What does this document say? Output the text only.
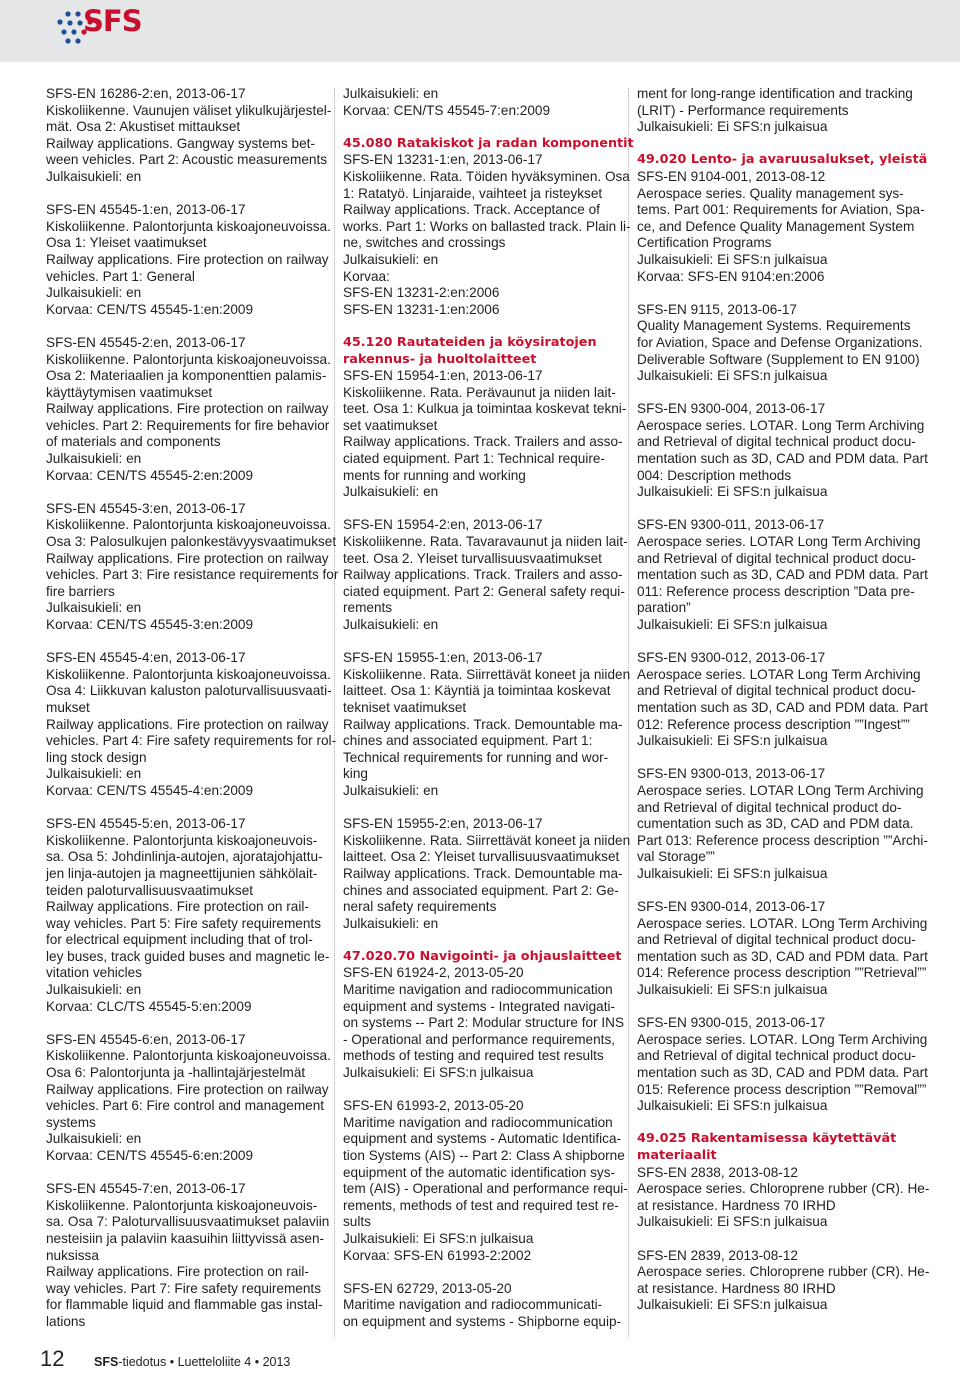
SFS
SFS-EN 16286-2:en, 2013-06-17
Kiskoliikenne. Vaunujen väliset ylikulkujärjestel-
mät. Osa 2: Akustiset mittaukset
Railway applications. Gangway systems bet-
ween vehicles. Part 2: Acoustic measurements
Julkaisukieli: en
SFS-EN 45545-1:en, 2013-06-17
Kiskoliikenne. Palontorjunta kiskoajoneuvoissa.
Osa 1: Yleiset vaatimukset
Railway applications. Fire protection on railway
vehicles. Part 1: General
Julkaisukieli: en
Korvaa: CEN/TS 45545-1:en:2009
SFS-EN 45545-2:en, 2013-06-17
Kiskoliikenne. Palontorjunta kiskoajoneuvoissa.
Osa 2: Materiaalien ja komponenttien palamis-
käyttäytymisen vaatimukset
Railway applications. Fire protection on railway
vehicles. Part 2: Requirements for fire behavior
of materials and components
Julkaisukieli: en
Korvaa: CEN/TS 45545-2:en:2009
SFS-EN 45545-3:en, 2013-06-17
Kiskoliikenne. Palontorjunta kiskoajoneuvoissa.
Osa 3: Palosulkujen palonkestävyysvaatimukset
Railway applications. Fire protection on railway
vehicles. Part 3: Fire resistance requirements for
fire barriers
Julkaisukieli: en
Korvaa: CEN/TS 45545-3:en:2009
SFS-EN 45545-4:en, 2013-06-17
Kiskoliikenne. Palontorjunta kiskoajoneuvoissa.
Osa 4: Liikkuvan kaluston paloturvallisuusvaati-
mukset
Railway applications. Fire protection on railway
vehicles. Part 4: Fire safety requirements for rol-
ling stock design
Julkaisukieli: en
Korvaa: CEN/TS 45545-4:en:2009
SFS-EN 45545-5:en, 2013-06-17
Kiskoliikenne. Palontorjunta kiskoajoneuvois-
sa. Osa 5: Johdinlinja-autojen, ajoratajohjattu-
jen linja-autojen ja magneettijunien sähkölait-
teiden paloturvallisuusvaatimukset
Railway applications. Fire protection on rail-
way vehicles. Part 5: Fire safety requirements
for electrical equipment including that of trol-
ley buses, track guided buses and magnetic le-
vitation vehicles
Julkaisukieli: en
Korvaa: CLC/TS 45545-5:en:2009
SFS-EN 45545-6:en, 2013-06-17
Kiskoliikenne. Palontorjunta kiskoajoneuvoissa.
Osa 6: Palontorjunta ja -hallintajärjestelmät
Railway applications. Fire protection on railway
vehicles. Part 6: Fire control and management
systems
Julkaisukieli: en
Korvaa: CEN/TS 45545-6:en:2009
SFS-EN 45545-7:en, 2013-06-17
Kiskoliikenne. Palontorjunta kiskoajoneuvois-
sa. Osa 7: Paloturvallisuusvaatimukset palaviin
nesteisiin ja palaviin kaasuihin liittyvissä asen-
nuksissa
Railway applications. Fire protection on rail-
way vehicles. Part 7: Fire safety requirements
for flammable liquid and flammable gas instal-
lations
Julkaisukieli: en
Korvaa: CEN/TS 45545-7:en:2009
45.080 Ratakiskot ja radan komponentit
SFS-EN 13231-1:en, 2013-06-17
Kiskoliikenne. Rata. Töiden hyväksyminen. Osa
1: Ratatyö. Linjaraide, vaihteet ja risteykset
Railway applications. Track. Acceptance of
works. Part 1: Works on ballasted track. Plain li-
ne, switches and crossings
Julkaisukieli: en
Korvaa:
SFS-EN 13231-2:en:2006
SFS-EN 13231-1:en:2006
45.120 Rautateiden ja köysiratojen
rakennus- ja huoltolaitteet
SFS-EN 15954-1:en, 2013-06-17
Kiskoliikenne. Rata. Perävaunut ja niiden lait-
teet. Osa 1: Kulkua ja toimintaa koskevat tekni-
set vaatimukset
Railway applications. Track. Trailers and asso-
ciated equipment. Part 1: Technical require-
ments for running and working
Julkaisukieli: en
SFS-EN 15954-2:en, 2013-06-17
Kiskoliikenne. Rata. Tavaravaunut ja niiden lait-
teet. Osa 2. Yleiset turvallisuusvaatimukset
Railway applications. Track. Trailers and asso-
ciated equipment. Part 2: General safety requi-
rements
Julkaisukieli: en
SFS-EN 15955-1:en, 2013-06-17
Kiskoliikenne. Rata. Siirrettävät koneet ja niiden
laitteet. Osa 1: Käyntiä ja toimintaa koskevat
tekniset vaatimukset
Railway applications. Track. Demountable ma-
chines and associated equipment. Part 1:
Technical requirements for running and wor-
king
Julkaisukieli: en
SFS-EN 15955-2:en, 2013-06-17
Kiskoliikenne. Rata. Siirrettävät koneet ja niiden
laitteet. Osa 2: Yleiset turvallisuusvaatimukset
Railway applications. Track. Demountable ma-
chines and associated equipment. Part 2: Ge-
neral safety requirements
Julkaisukieli: en
47.020.70 Navigointi- ja ohjauslaitteet
SFS-EN 61924-2, 2013-05-20
Maritime navigation and radiocommunication
equipment and systems - Integrated navigati-
on systems -- Part 2: Modular structure for INS
- Operational and performance requirements,
methods of testing and required test results
Julkaisukieli: Ei SFS:n julkaisua
SFS-EN 61993-2, 2013-05-20
Maritime navigation and radiocommunication
equipment and systems - Automatic Identifica-
tion Systems (AIS) -- Part 2: Class A shipborne
equipment of the automatic identification sys-
tem (AIS) - Operational and performance requi-
rements, methods of test and required test re-
sults
Julkaisukieli: Ei SFS:n julkaisua
Korvaa: SFS-EN 61993-2:2002
SFS-EN 62729, 2013-05-20
Maritime navigation and radiocommunicati-
on equipment and systems - Shipborne equip-
ment for long-range identification and tracking
(LRIT) - Performance requirements
Julkaisukieli: Ei SFS:n julkaisua
49.020 Lento- ja avaruusalukset, yleistä
SFS-EN 9104-001, 2013-08-12
Aerospace series. Quality management sys-
tems. Part 001: Requirements for Aviation, Spa-
ce, and Defence Quality Management System
Certification Programs
Julkaisukieli: Ei SFS:n julkaisua
Korvaa: SFS-EN 9104:en:2006
SFS-EN 9115, 2013-06-17
Quality Management Systems. Requirements
for Aviation, Space and Defense Organizations.
Deliverable Software (Supplement to EN 9100)
Julkaisukieli: Ei SFS:n julkaisua
SFS-EN 9300-004, 2013-06-17
Aerospace series. LOTAR. Long Term Archiving
and Retrieval of digital technical product docu-
mentation such as 3D, CAD and PDM data. Part
004: Description methods
Julkaisukieli: Ei SFS:n julkaisua
SFS-EN 9300-011, 2013-06-17
Aerospace series. LOTAR Long Term Archiving
and Retrieval of digital technical product docu-
mentation such as 3D, CAD and PDM data. Part
011: Reference process description ”Data pre-
paration”
Julkaisukieli: Ei SFS:n julkaisua
SFS-EN 9300-012, 2013-06-17
Aerospace series. LOTAR Long Term Archiving
and Retrieval of digital technical product docu-
mentation such as 3D, CAD and PDM data. Part
012: Reference process description ””Ingest””
Julkaisukieli: Ei SFS:n julkaisua
SFS-EN 9300-013, 2013-06-17
Aerospace series. LOTAR LOng Term Archiving
and Retrieval of digital technical product do-
cumentation such as 3D, CAD and PDM data.
Part 013: Reference process description ””Archi-
val Storage””
Julkaisukieli: Ei SFS:n julkaisua
SFS-EN 9300-014, 2013-06-17
Aerospace series. LOTAR. LOng Term Archiving
and Retrieval of digital technical product docu-
mentation such as 3D, CAD and PDM data. Part
014: Reference process description ””Retrieval””
Julkaisukieli: Ei SFS:n julkaisua
SFS-EN 9300-015, 2013-06-17
Aerospace series. LOTAR. LOng Term Archiving
and Retrieval of digital technical product docu-
mentation such as 3D, CAD and PDM data. Part
015: Reference process description ””Removal””
Julkaisukieli: Ei SFS:n julkaisua
49.025 Rakentamisessa käytettävät
materiaalit
SFS-EN 2838, 2013-08-12
Aerospace series. Chloroprene rubber (CR). He-
at resistance. Hardness 70 IRHD
Julkaisukieli: Ei SFS:n julkaisua
SFS-EN 2839, 2013-08-12
Aerospace series. Chloroprene rubber (CR). He-
at resistance. Hardness 80 IRHD
Julkaisukieli: Ei SFS:n julkaisua
12 SFS-tiedotus • Luetteloliite 4 • 2013
